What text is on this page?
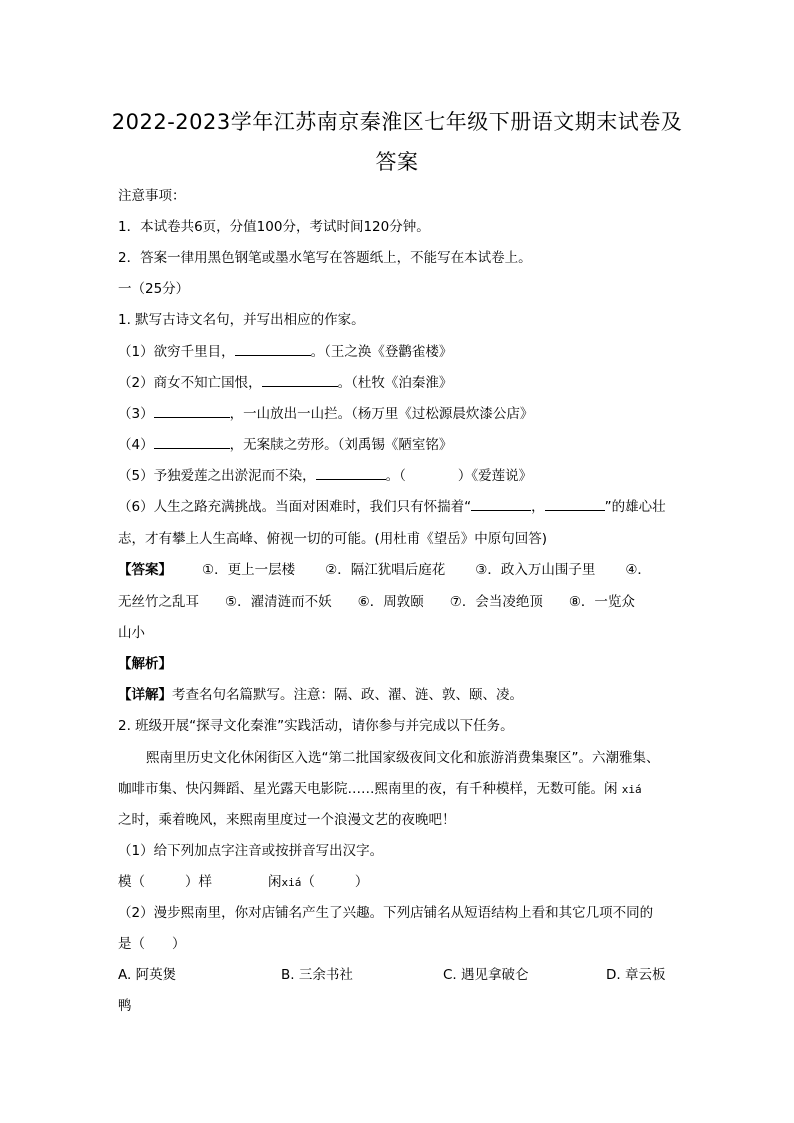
2022-2023学年江苏南京秦淮区七年级下册语文期末试卷及
答案
注意事项：
1．本试卷共6页，分值100分，考试时间120分钟。
2．答案一律用黑色钢笔或墨水笔写在答题纸上，不能写在本试卷上。
一（25分）
1. 默写古诗文名句，并写出相应的作家。
（1）欲穷千里目，	。（王之涣《登鹳雀楼》
（2）商女不知亡国恨，	。（杜牧《泊秦淮》
（3）	，一山放出一山拦。（杨万里《过松源晨炊漆公店》
（4）	，无案牍之劳形。（刘禹锡《陋室铭》
（5）予独爱莲之出淤泥而不染，	。（	）《爱莲说》
（6）人生之路充满挑战。当面对困难时，我们只有怀揣着“	，	”的雄心壮
志，才有攀上人生高峰、俯视一切的可能。(用杜甫《望岳》中原句回答)
【答案】 ①．更上一层楼 ②．隔江犹唱后庭花 ③．政入万山围子里 ④．
无丝竹之乱耳 ⑤．濯清涟而不妖 ⑥．周敦颐 ⑦．会当凌绝顶 ⑧．一览众
山小
【解析】
【详解】考查名句名篇默写。注意：隔、政、濯、涟、敦、颐、凌。
2. 班级开展“探寻文化秦淮”实践活动，请你参与并完成以下任务。
熙南里历史文化休闲街区入选“第二批国家级夜间文化和旅游消费集聚区”。六潮雅集、
咖啡市集、快闪舞蹈、星光露天电影院……熙南里的夜，有千种模样，无数可能。闲 xiá
之时，乘着晚风，来熙南里度过一个浪漫文艺的夜晚吧！
（1）给下列加点字注音或按拼音写出汉字。
模（	）样	闲xiá（	）
（2）漫步熙南里，你对店铺名产生了兴趣。下列店铺名从短语结构上看和其它几项不同的
是（　　）
A. 阿英煲	B. 三余书社	C. 遇见拿破仑	D. 章云板
鸭
